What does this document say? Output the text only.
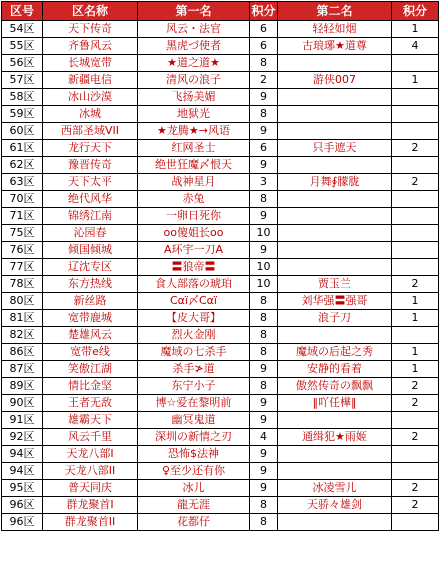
区号	区名称	第一名	积分	第二名	积分
54区	天下传奇	风云・法官	6	轻轻如烟	1
55区	齐鲁风云	黑虎づ使者	6	古琅琊★道尊	4
56区	长城宽带	★道之道★	8		
57区	新疆电信	清风の浪子	2	游侠007	1
58区	冰山沙漠	飞扬美媚	9		
59区	冰城	地狱光	8		
60区	西部圣域VII	★龙腾★→风语	9		
61区	龙行天下	红网圣士	6	只手遮天	2
62区	豫晋传奇	绝世狂魔〆恨天	9		
63区	天下太平	战神星月	3	月舞∮朦胧	2
70区	绝代风华	赤兔	8		
71区	锦绣江南	一卵日死你	9		
75区	沁园春	oo傻姐长oo	10		
76区	倾国倾城	A环宇一刀A	9		
77区	辽沈专区	〓狼帝〓	10		
78区	东方热线	食人部落の琥珀	10	贾玉兰	2
80区	新丝路	Cαï〆Cαï	8	刘华强〓强哥	1
81区	宽带鹿城	【皮大哥】	8	浪子刀	1
82区	楚雄风云	烈火金刚	8		
86区	宽带e线	魔域の七杀手	8	魔域の后起之秀	1
87区	笑傲江湖	杀手≯道	9	安静的看着	1
89区	情比金坚	东宁小子	8	傲然传奇の飘飘	2
90区	王者无敌	博☆爱在黎明前	9	‖吖任樺‖	2
91区	雄霸天下	幽冥鬼道	9		
92区	风云千里	深圳の新情之刃	4	通缉犯★雨姬	2
94区	天龙八部I	恐怖$法神	9		
94区	天龙八部II	♀至少还有你	9		
95区	普天同庆	冰儿	9	冰凌雪儿	2
96区	群龙聚首I	龍无涯	8	天骄々雄剑	2
96区	群龙聚首II	花都仔	8		
